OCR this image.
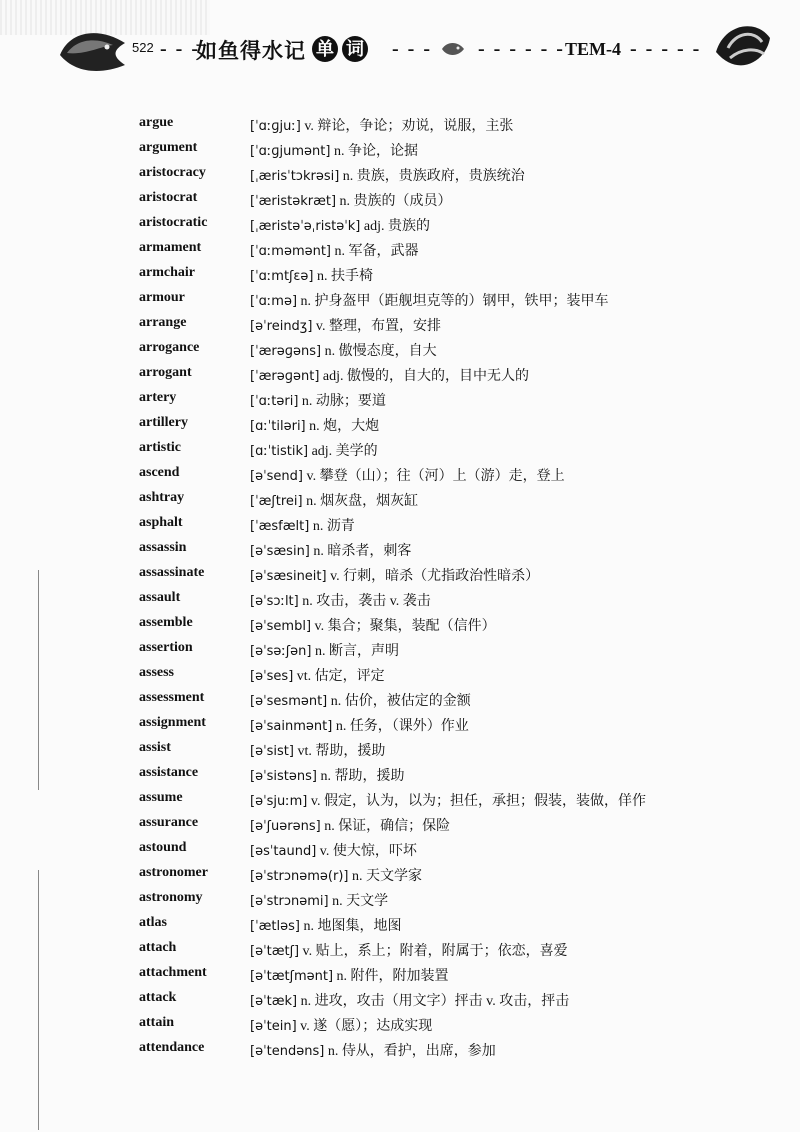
522 - - -
如鱼得水记 单 词 - - - - - - - - - TEM-4 - - - - -
argue	[ˈɑːɡjuː] v. 辩论，争论；劝说，说服，主张
argument	[ˈɑːɡjumənt] n. 争论，论据
aristocracy	[ˌærisˈtɔkrəsi] n. 贵族，贵族政府，贵族统治
aristocrat	[ˈæristəkræt] n. 贵族的（成员）
aristocratic	[ˌæristəˈəˌristəˈk] adj. 贵族的
armament	[ˈɑːməmənt] n. 军备，武器
armchair	[ˈɑːmtʃɛə] n. 扶手椅
armour	[ˈɑːmə] n. 护身盔甲（距舰坦克等的）钢甲，铁甲；装甲车
arrange	[əˈreindʒ] v. 整理，布置，安排
arrogance	[ˈærəɡəns] n. 傲慢态度，自大
arrogant	[ˈærəɡənt] adj. 傲慢的，自大的，目中无人的
artery	[ˈɑːtəri] n. 动脉；要道
artillery	[ɑːˈtiləri] n. 炮，大炮
artistic	[ɑːˈtistik] adj. 美学的
ascend	[əˈsend] v. 攀登（山）；往（河）上（游）走，登上
ashtray	[ˈæʃtrei] n. 烟灰盘，烟灰缸
asphalt	[ˈæsfælt] n. 沥青
assassin	[əˈsæsin] n. 暗杀者，刺客
assassinate	[əˈsæsineit] v. 行刺，暗杀（尤指政治性暗杀）
assault	[əˈsɔːlt] n. 攻击，袭击 v. 袭击
assemble	[əˈsembl] v. 集合；聚集，装配（信件）
assertion	[əˈsəːʃən] n. 断言，声明
assess	[əˈses] vt. 估定，评定
assessment	[əˈsesmənt] n. 估价，被估定的金额
assignment	[əˈsainmənt] n. 任务，（课外）作业
assist	[əˈsist] vt. 帮助，援助
assistance	[əˈsistəns] n. 帮助，援助
assume	[əˈsjuːm] v. 假定，认为，以为；担任，承担；假装，装做，佯作
assurance	[əˈʃuərəns] n. 保证，确信；保险
astound	[əsˈtaund] v. 使大惊，吓坏
astronomer	[əˈstrɔnəmə(r)] n. 天文学家
astronomy	[əˈstrɔnəmi] n. 天文学
atlas	[ˈætləs] n. 地图集，地图
attach	[əˈtætʃ] v. 贴上，系上；附着，附属于；依恋，喜爱
attachment	[əˈtætʃmənt] n. 附件，附加装置
attack	[əˈtæk] n. 进攻，攻击（用文字）抨击 v. 攻击，抨击
attain	[əˈtein] v. 遂（愿）；达成实现
attendance	[əˈtendəns] n. 侍从，看护，出席，参加
